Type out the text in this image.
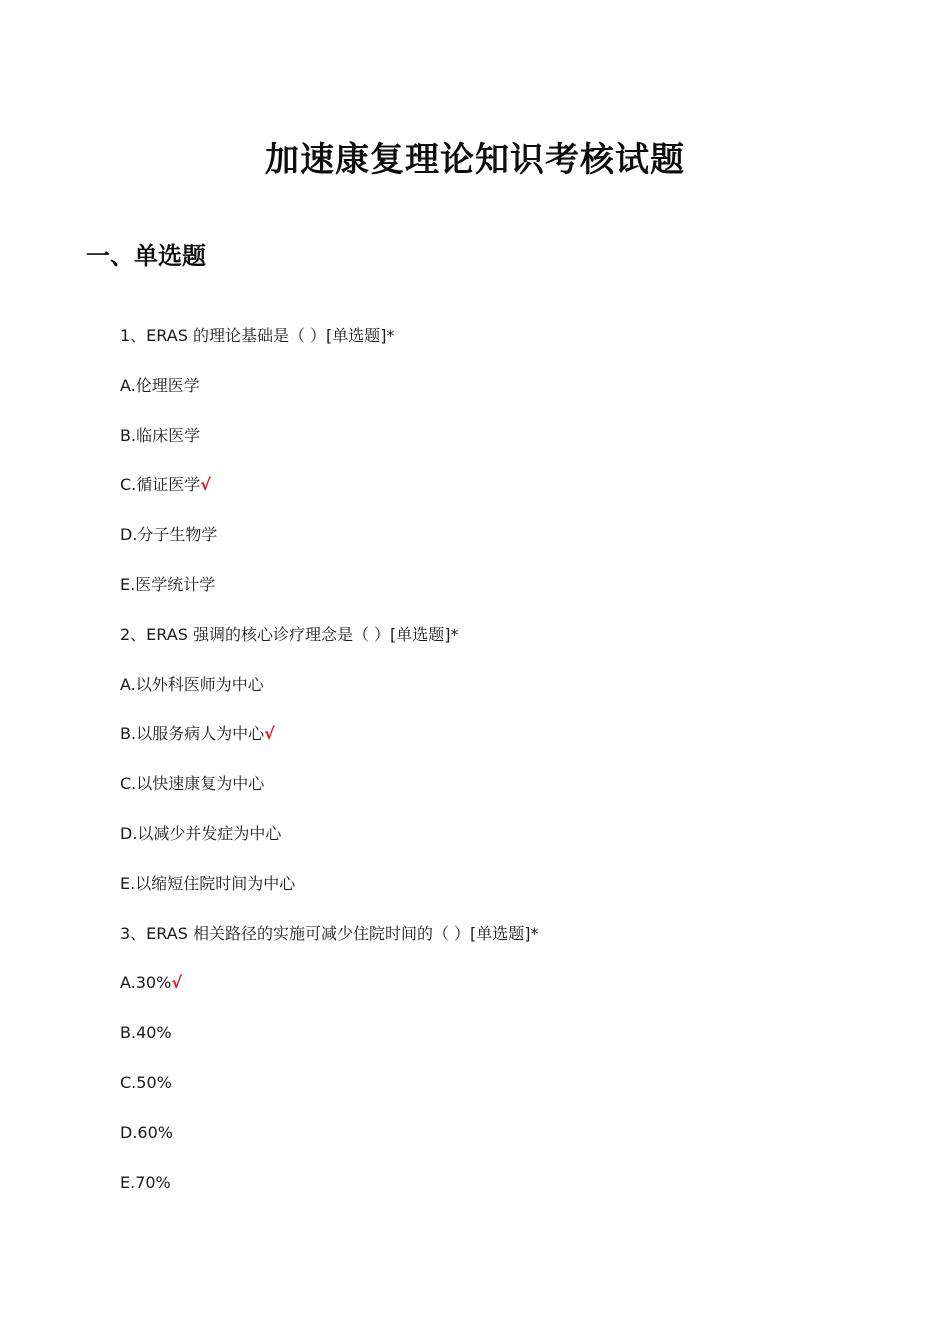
加速康复理论知识考核试题
一、单选题
1、ERAS 的理论基础是（ ）[单选题]*
A.伦理医学
B.临床医学
C.循证医学√
D.分子生物学
E.医学统计学
2、ERAS 强调的核心诊疗理念是（ ）[单选题]*
A.以外科医师为中心
B.以服务病人为中心√
C.以快速康复为中心
D.以减少并发症为中心
E.以缩短住院时间为中心
3、ERAS 相关路径的实施可减少住院时间的（ ）[单选题]*
A.30%√
B.40%
C.50%
D.60%
E.70%
